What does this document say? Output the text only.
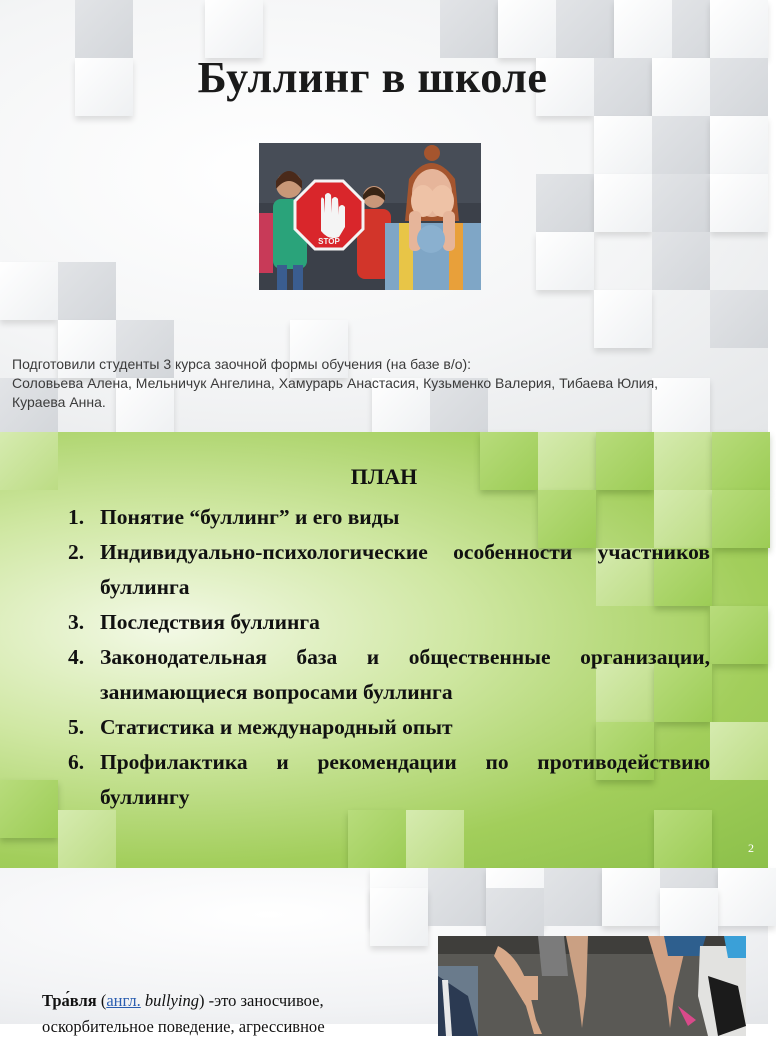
Буллинг в школе
STOP
Подготовили студенты 3 курса заочной формы обучения (на базе в/о):
Соловьева Алена, Мельничук Ангелина, Хамурарь Анастасия, Кузьменко Валерия, Тибаева Юлия,
Кураева Анна.
ПЛАН
1. Понятие “буллинг” и его виды
2. Индивидуально-психологические особенности участников буллинга
3. Последствия буллинга
4. Законодательная база и общественные организации, занимающиеся вопросами буллинга
5. Статистика и международный опыт
6. Профилактика и рекомендации по противодействию буллингу
2
Тра́вля (англ. bullying) -это заносчивое,
оскорбительное поведение, агрессивное
